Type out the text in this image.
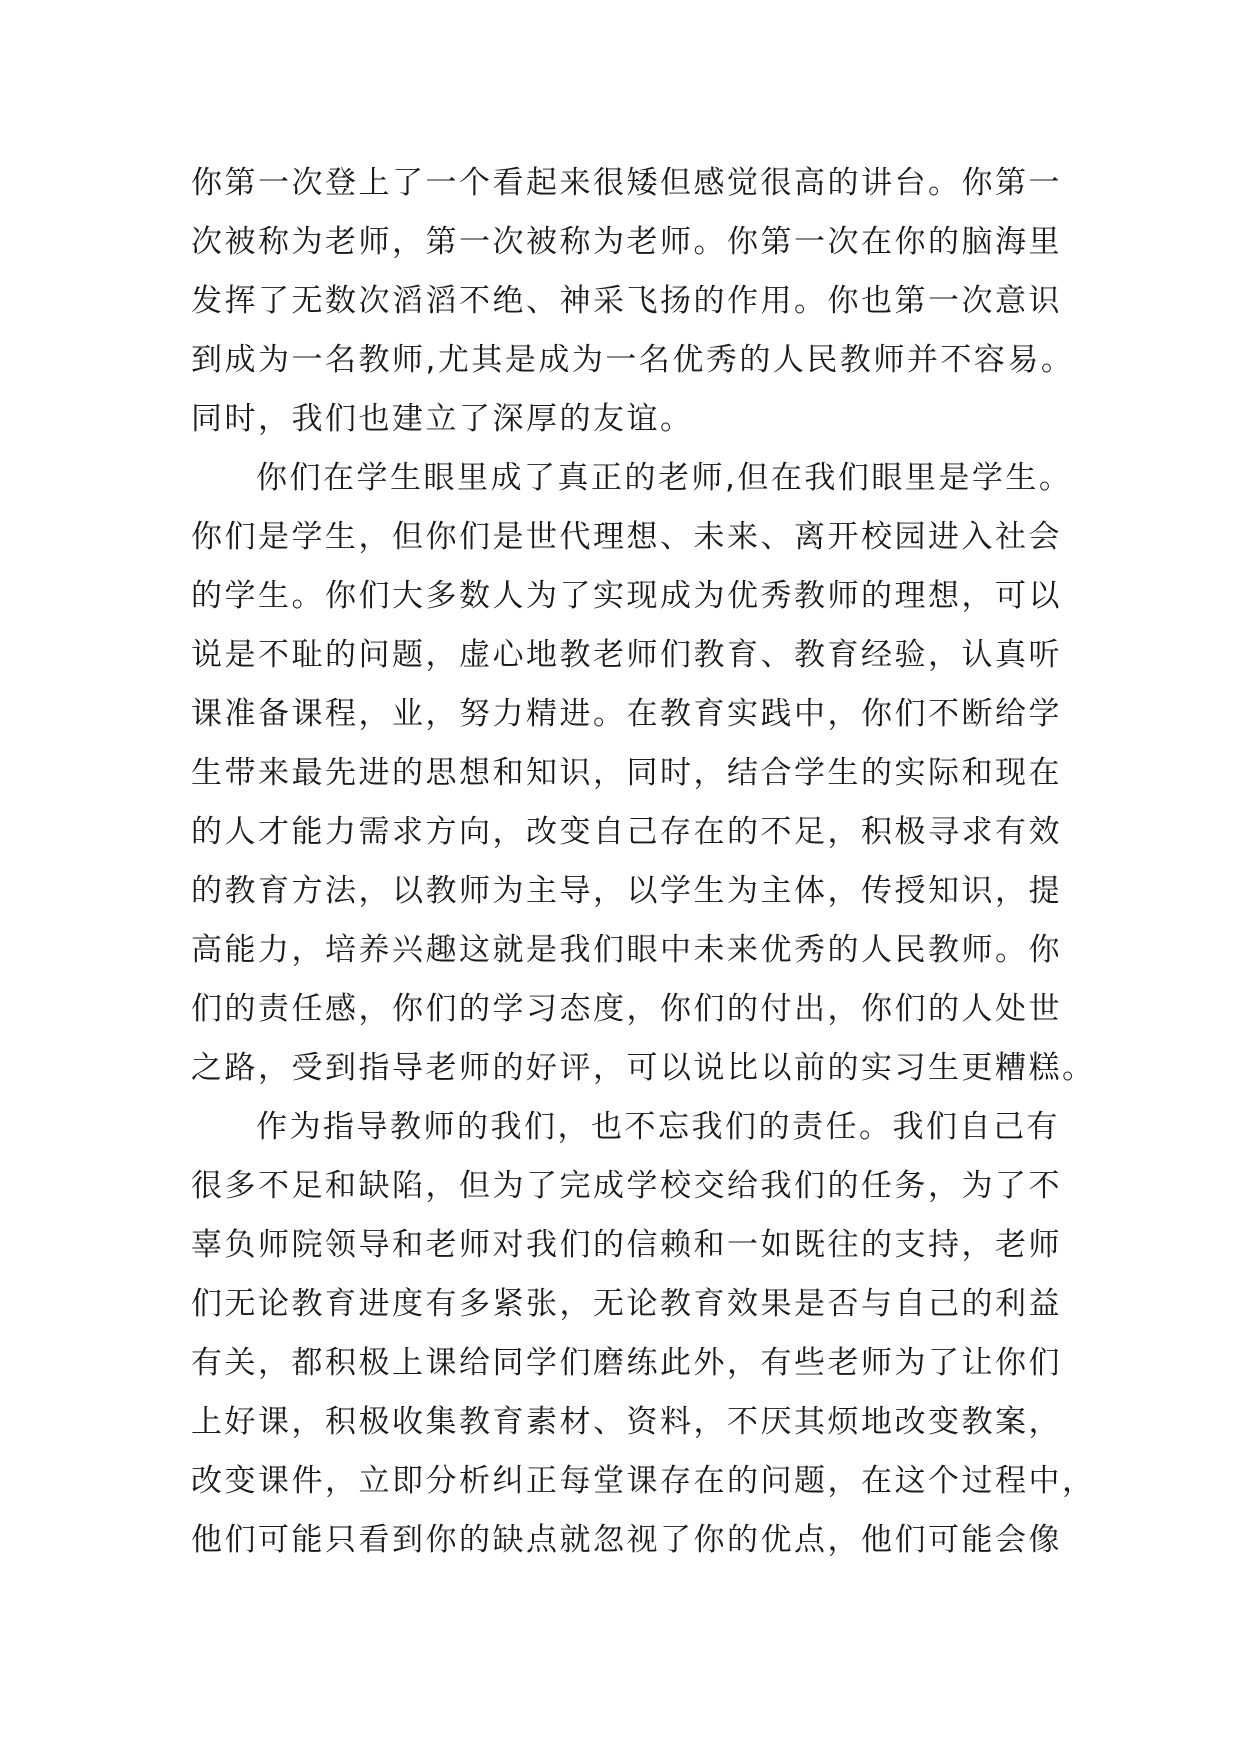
你第一次登上了一个看起来很矮但感觉很高的讲台。你第一
次被称为老师，第一次被称为老师。你第一次在你的脑海里
发挥了无数次滔滔不绝、神采飞扬的作用。你也第一次意识
到成为一名教师,尤其是成为一名优秀的人民教师并不容易。
同时，我们也建立了深厚的友谊。
你们在学生眼里成了真正的老师,但在我们眼里是学生。
你们是学生，但你们是世代理想、未来、离开校园进入社会
的学生。你们大多数人为了实现成为优秀教师的理想，可以
说是不耻的问题，虚心地教老师们教育、教育经验，认真听
课准备课程，业，努力精进。在教育实践中，你们不断给学
生带来最先进的思想和知识，同时，结合学生的实际和现在
的人才能力需求方向，改变自己存在的不足，积极寻求有效
的教育方法，以教师为主导，以学生为主体，传授知识，提
高能力，培养兴趣这就是我们眼中未来优秀的人民教师。你
们的责任感，你们的学习态度，你们的付出，你们的人处世
之路，受到指导老师的好评，可以说比以前的实习生更糟糕。
作为指导教师的我们，也不忘我们的责任。我们自己有
很多不足和缺陷，但为了完成学校交给我们的任务，为了不
辜负师院领导和老师对我们的信赖和一如既往的支持，老师
们无论教育进度有多紧张，无论教育效果是否与自己的利益
有关，都积极上课给同学们磨练此外，有些老师为了让你们
上好课，积极收集教育素材、资料，不厌其烦地改变教案，
改变课件，立即分析纠正每堂课存在的问题，在这个过程中，
他们可能只看到你的缺点就忽视了你的优点，他们可能会像
